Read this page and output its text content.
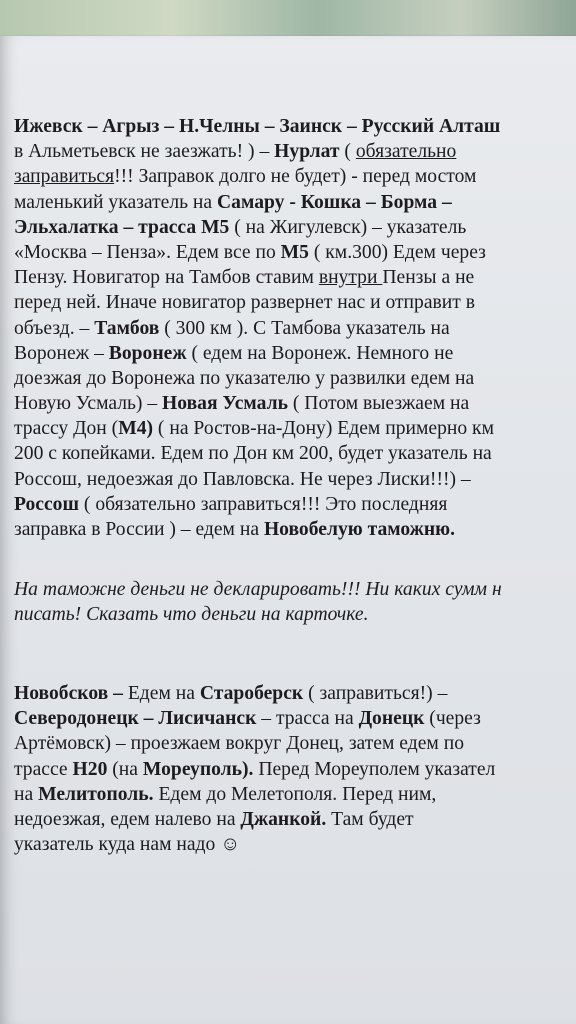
Ижевск – Агрыз – Н.Челны – Заинск – Русский Алташ
в Альметьевск не заезжать! ) – Нурлат ( обязательно
заправиться!!! Заправок долго не будет) - перед мостом
маленький указатель на Самару - Кошка – Борма –
Эльхалатка – трасса М5 ( на Жигулевск) – указатель
«Москва – Пенза». Едем все по М5 ( км.300) Едем через
Пензу. Новигатор на Тамбов ставим внутри Пензы а не
перед ней. Иначе новигатор развернет нас и отправит в
объезд. – Тамбов ( 300 км ). С Тамбова указатель на
Воронеж – Воронеж ( едем на Воронеж. Немного не
доезжая до Воронежа по указателю у развилки едем на
Новую Усмаль) – Новая Усмаль ( Потом выезжаем на
трассу Дон (М4) ( на Ростов-на-Дону) Едем примерно км
200 с копейками. Едем по Дон км 200, будет указатель на
Россош, недоезжая до Павловска. Не через Лиски!!!) –
Россош ( обязательно заправиться!!! Это последняя
заправка в России ) – едем на Новобелую таможню.
На таможне деньги не декларировать!!! Ни каких сумм н
писать! Сказать что деньги на карточке.
Новобсков – Едем на Староберск ( заправиться!) –
Северодонецк – Лисичанск – трасса на Донецк (через
Артёмовск) – проезжаем вокруг Донец, затем едем по
трассе Н20 (на Мореуполь). Перед Мореуполем указател
на Мелитополь. Едем до Мелетополя. Перед ним,
недоезжая, едем налево на Джанкой. Там будет
указатель куда нам надо ☺
